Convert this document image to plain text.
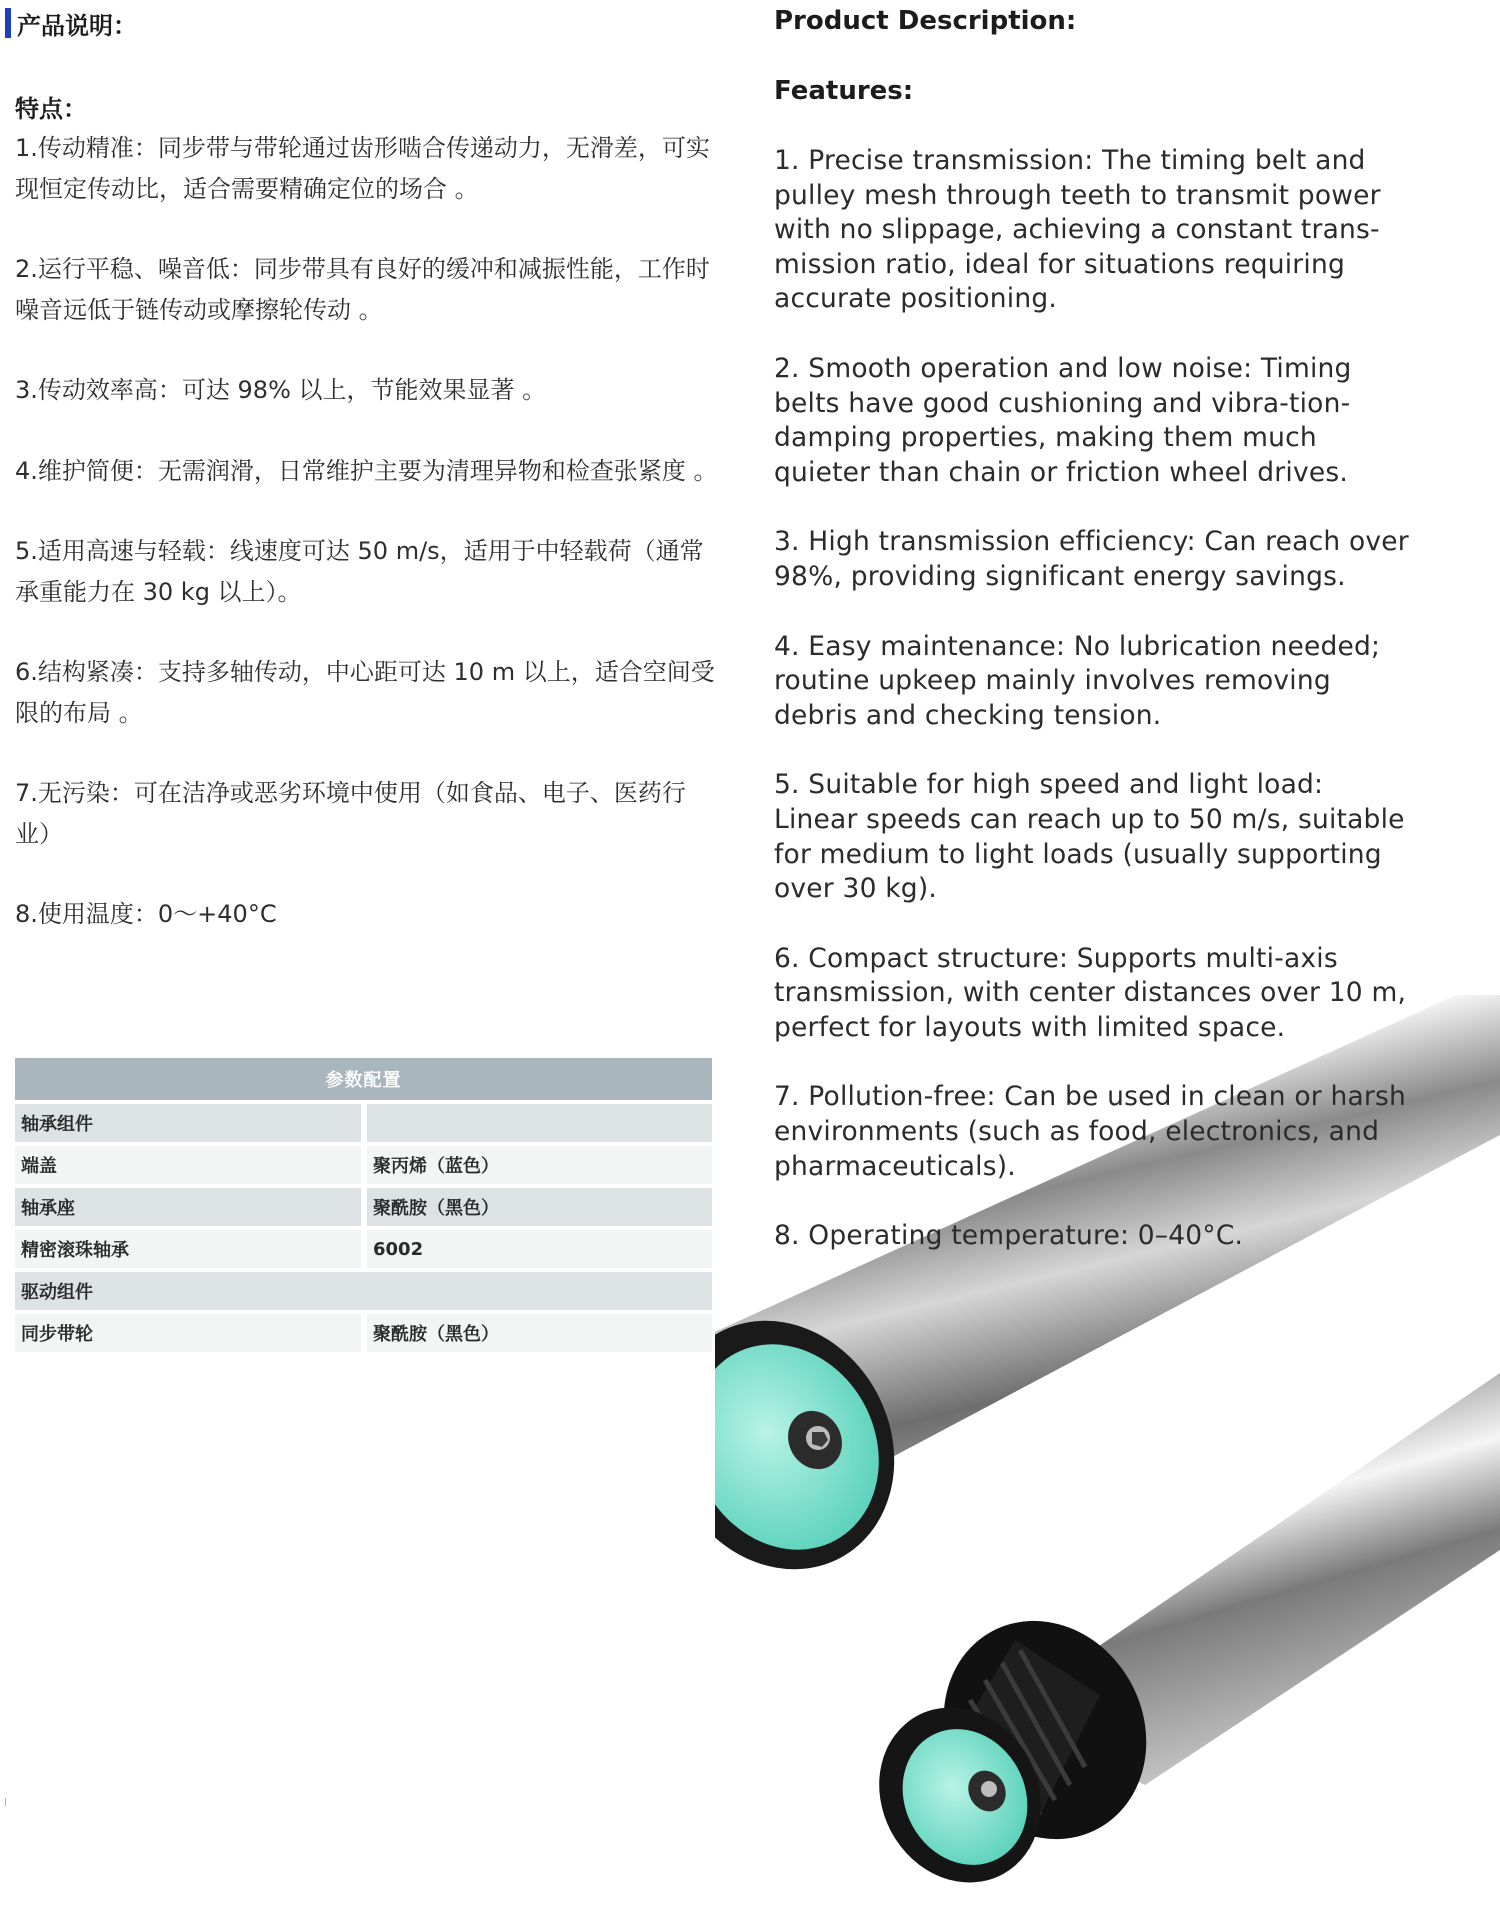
产品说明：
特点：

1.传动精准：同步带与带轮通过齿形啮合传递动力，无滑差，可实现恒定传动比，适合需要精确定位的场合 。

2.运行平稳、噪音低：同步带具有良好的缓冲和减振性能，工作时噪音远低于链传动或摩擦轮传动 。

3.传动效率高：可达 98% 以上，节能效果显著 。

4.维护简便：无需润滑，日常维护主要为清理异物和检查张紧度 。

5.适用高速与轻载：线速度可达 50 m/s，适用于中轻载荷（通常承重能力在 30 kg 以上）。

6.结构紧凑：支持多轴传动，中心距可达 10 m 以上，适合空间受限的布局 。

7.无污染：可在洁净或恶劣环境中使用（如食品、电子、医药行业）

8.使用温度：0～+40°C

参数配置	
轴承组件	
端盖	聚丙烯（蓝色）
轴承座	聚酰胺（黑色）
精密滚珠轴承	6002
驱动组件	
同步带轮	聚酰胺（黑色）
Product Description:
Features:

1. Precise transmission: The timing belt and pulley mesh through teeth to transmit power with no slippage, achieving a constant trans-mission ratio, ideal for situations requiring accurate positioning.

2. Smooth operation and low noise: Timing belts have good cushioning and vibra-tion-damping properties, making them much quieter than chain or friction wheel drives.

3. High transmission efficiency: Can reach over 98%, providing significant energy savings.

4. Easy maintenance: No lubrication needed; routine upkeep mainly involves removing debris and checking tension.

5. Suitable for high speed and light load: Linear speeds can reach up to 50 m/s, suitable for medium to light loads (usually supporting over 30 kg).

6. Compact structure: Supports multi-axis transmission, with center distances over 10 m, perfect for layouts with limited space.

7. Pollution-free: Can be used in clean or harsh environments (such as food, electronics, and pharmaceuticals).

8. Operating temperature: 0–40°C.
